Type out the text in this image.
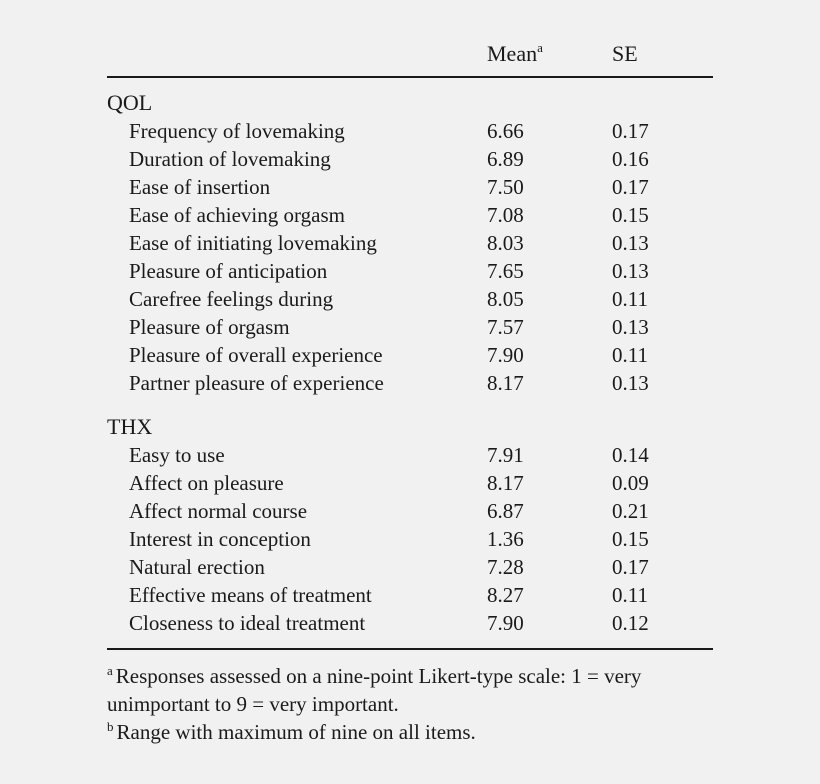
Mean$^a$	SE
QOL
Frequency of lovemaking	6.66	0.17
Duration of lovemaking	6.89	0.16
Ease of insertion	7.50	0.17
Ease of achieving orgasm	7.08	0.15
Ease of initiating lovemaking	8.03	0.13
Pleasure of anticipation	7.65	0.13
Carefree feelings during	8.05	0.11
Pleasure of orgasm	7.57	0.13
Pleasure of overall experience	7.90	0.11
Partner pleasure of experience	8.17	0.13
THX
Easy to use	7.91	0.14
Affect on pleasure	8.17	0.09
Affect normal course	6.87	0.21
Interest in conception	1.36	0.15
Natural erection	7.28	0.17
Effective means of treatment	8.27	0.11
Closeness to ideal treatment	7.90	0.12
$^a$ Responses assessed on a nine-point Likert-type scale: 1 = very
unimportant to 9 = very important.
$^b$ Range with maximum of nine on all items.
